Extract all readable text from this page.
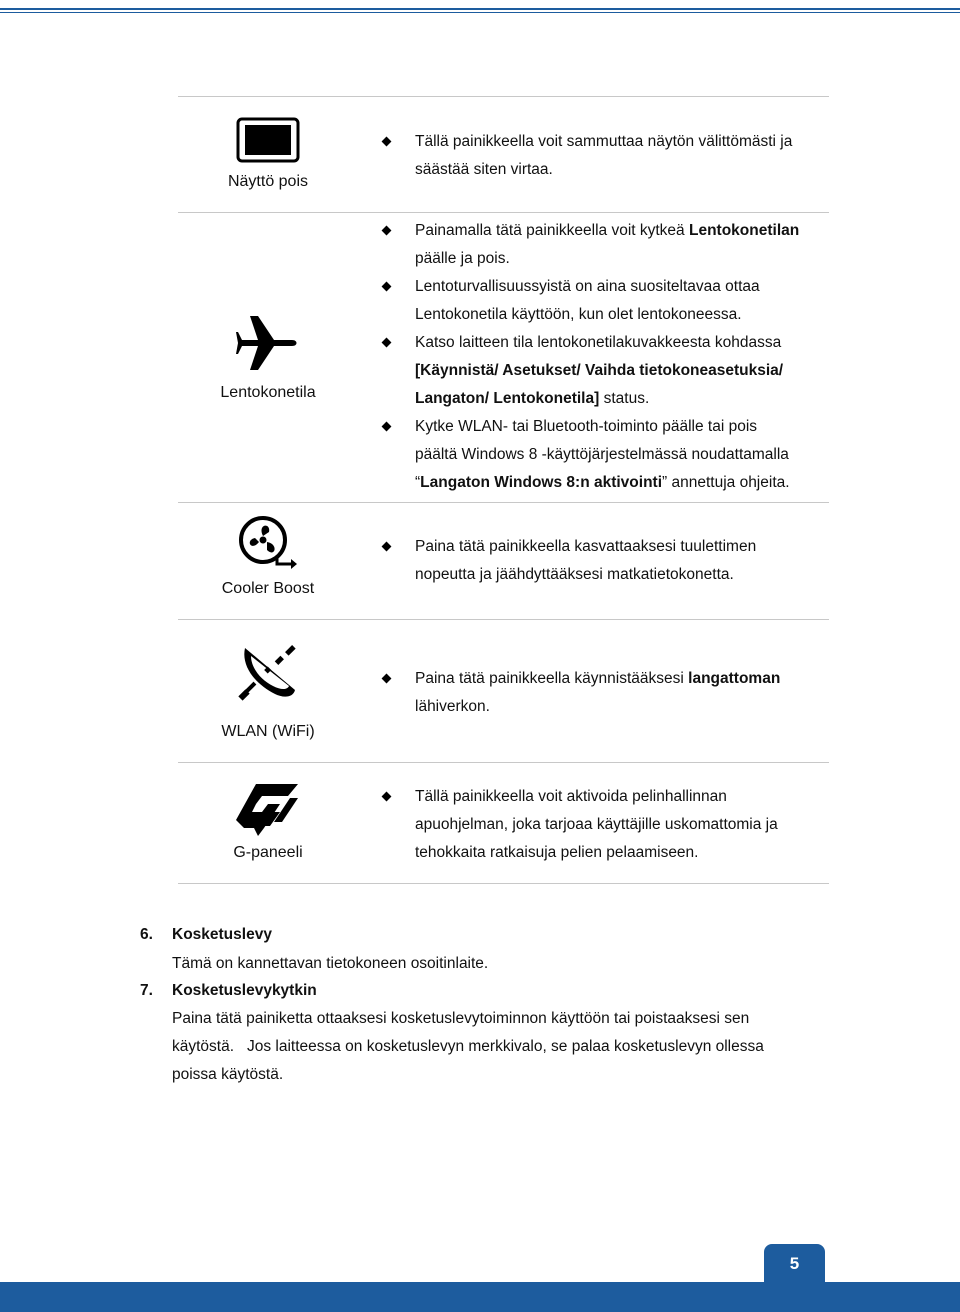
Näyttö pois
Tällä painikkeella voit sammuttaa näytön välittömästi ja
säästää siten virtaa.
Lentokonetila
Painamalla tätä painikkeella voit kytkeä Lentokonetilan
päälle ja pois.
Lentoturvallisuussyistä on aina suositeltavaa ottaa
Lentokonetila käyttöön, kun olet lentokoneessa.
Katso laitteen tila lentokonetilakuvakkeesta kohdassa
[Käynnistä/ Asetukset/ Vaihda tietokoneasetuksia/
Langaton/ Lentokonetila] status.
Kytke WLAN- tai Bluetooth-toiminto päälle tai pois
päältä Windows 8 -käyttöjärjestelmässä noudattamalla
“Langaton Windows 8:n aktivointi” annettuja ohjeita.
Cooler Boost
Paina tätä painikkeella kasvattaaksesi tuulettimen
nopeutta ja jäähdyttääksesi matkatietokonetta.
WLAN (WiFi)
Paina tätä painikkeella käynnistääksesi langattoman
lähiverkon.
G-paneeli
Tällä painikkeella voit aktivoida pelinhallinnan
apuohjelman, joka tarjoaa käyttäjille uskomattomia ja
tehokkaita ratkaisuja pelien pelaamiseen.
6. Kosketuslevy
Tämä on kannettavan tietokoneen osoitinlaite.
7. Kosketuslevykytkin
Paina tätä painiketta ottaaksesi kosketuslevytoiminnon käyttöön tai poistaaksesi sen
käytöstä.   Jos laitteessa on kosketuslevyn merkkivalo, se palaa kosketuslevyn ollessa
poissa käytöstä.
5
